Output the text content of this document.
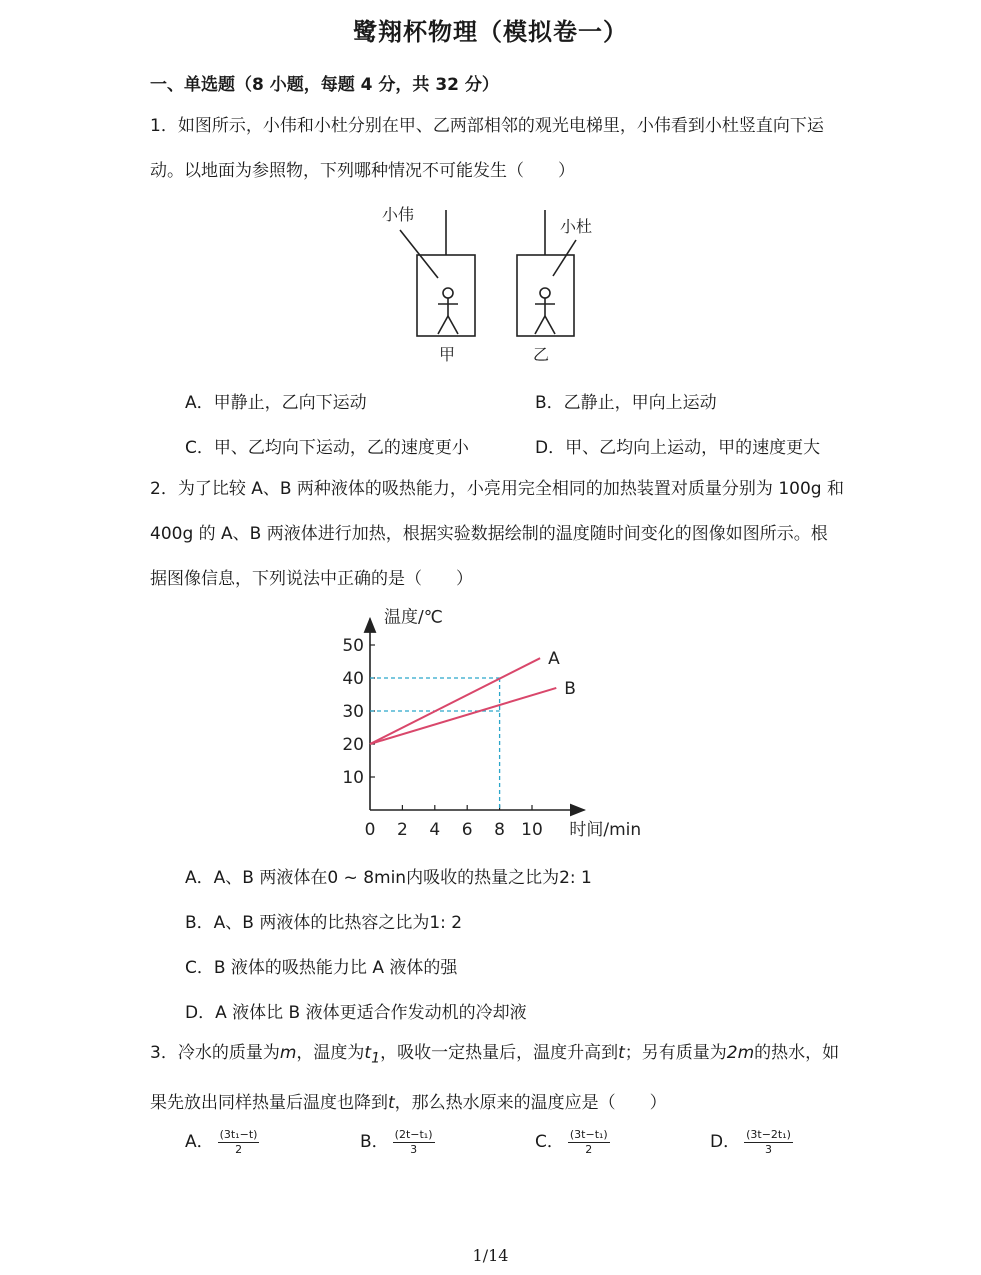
鹭翔杯物理（模拟卷一）
一、单选题（8 小题，每题 4 分，共 32 分）
1．如图所示，小伟和小杜分别在甲、乙两部相邻的观光电梯里，小伟看到小杜竖直向下运
动。以地面为参照物，下列哪种情况不可能发生（　　）
小伟
小杜
甲	乙
A．甲静止，乙向下运动	B．乙静止，甲向上运动
C．甲、乙均向下运动，乙的速度更小	D．甲、乙均向上运动，甲的速度更大
2．为了比较 A、B 两种液体的吸热能力，小亮用完全相同的加热装置对质量分别为 100g 和
400g 的 A、B 两液体进行加热，根据实验数据绘制的温度随时间变化的图像如图所示。根
据图像信息，下列说法中正确的是（　　）
0 2 4 6 8 10
10
20
30
40
50
A
B
温度/℃
时间/min
A．A、B 两液体在0 ~ 8min内吸收的热量之比为2: 1
B．A、B 两液体的比热容之比为1: 2
C．B 液体的吸热能力比 A 液体的强
D．A 液体比 B 液体更适合作发动机的冷却液
3．冷水的质量为m，温度为$t_1$，吸收一定热量后，温度升高到t；另有质量为2m的热水，如
果先放出同样热量后温度也降到t，那么热水原来的温度应是（　　）
A． $\frac{\text{(3t₁−t)}}{2}$	B． $\frac{\text{(2t−t₁)}}{3}$	C． $\frac{\text{(3t−t₁)}}{2}$	D． $\frac{\text{(3t−2t₁)}}{3}$
1/14
